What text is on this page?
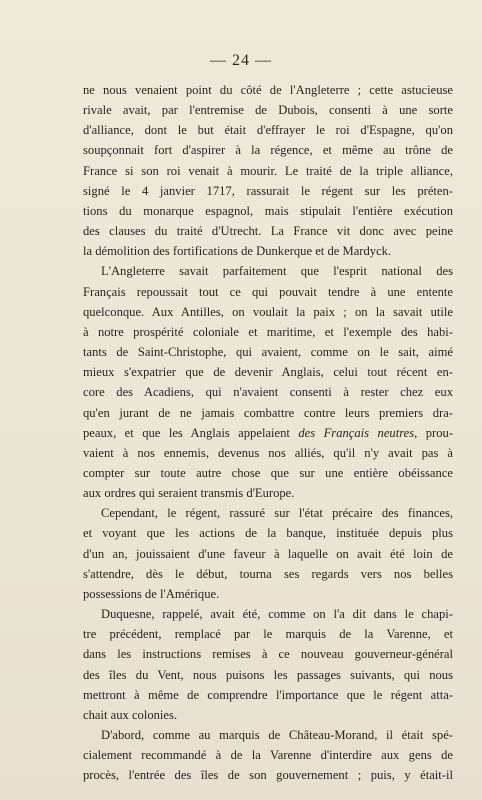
— 24 —
ne nous venaient point du côté de l'Angleterre ; cette astucieuse
rivale avait, par l'entremise de Dubois, consenti à une sorte
d'alliance, dont le but était d'effrayer le roi d'Espagne, qu'on
soupçonnait fort d'aspirer à la régence, et même au trône de
France si son roi venait à mourir. Le traité de la triple alliance,
signé le 4 janvier 1717, rassurait le régent sur les préten-
tions du monarque espagnol, mais stipulait l'entière exécution
des clauses du traité d'Utrecht. La France vit donc avec peine
la démolition des fortifications de Dunkerque et de Mardyck.
L'Angleterre savait parfaitement que l'esprit national des
Français repoussait tout ce qui pouvait tendre à une entente
quelconque. Aux Antilles, on voulait la paix ; on la savait utile
à notre prospérité coloniale et maritime, et l'exemple des habi-
tants de Saint-Christophe, qui avaient, comme on le sait, aimé
mieux s'expatrier que de devenir Anglais, celui tout récent en-
core des Acadiens, qui n'avaient consenti à rester chez eux
qu'en jurant de ne jamais combattre contre leurs premiers dra-
peaux, et que les Anglais appelaient des Français neutres, prou-
vaient à nos ennemis, devenus nos alliés, qu'il n'y avait pas à
compter sur toute autre chose que sur une entière obéissance
aux ordres qui seraient transmis d'Europe.
Cependant, le régent, rassuré sur l'état précaire des finances,
et voyant que les actions de la banque, instituée depuis plus
d'un an, jouissaient d'une faveur à laquelle on avait été loin de
s'attendre, dès le début, tourna ses regards vers nos belles
possessions de l'Amérique.
Duquesne, rappelé, avait été, comme on l'a dit dans le chapi-
tre précédent, remplacé par le marquis de la Varenne, et
dans les instructions remises à ce nouveau gouverneur-général
des îles du Vent, nous puisons les passages suivants, qui nous
mettront à même de comprendre l'importance que le régent atta-
chait aux colonies.
D'abord, comme au marquis de Château-Morand, il était spé-
cialement recommandé à de la Varenne d'interdire aux gens de
procès, l'entrée des îles de son gouvernement ; puis, y était-il
